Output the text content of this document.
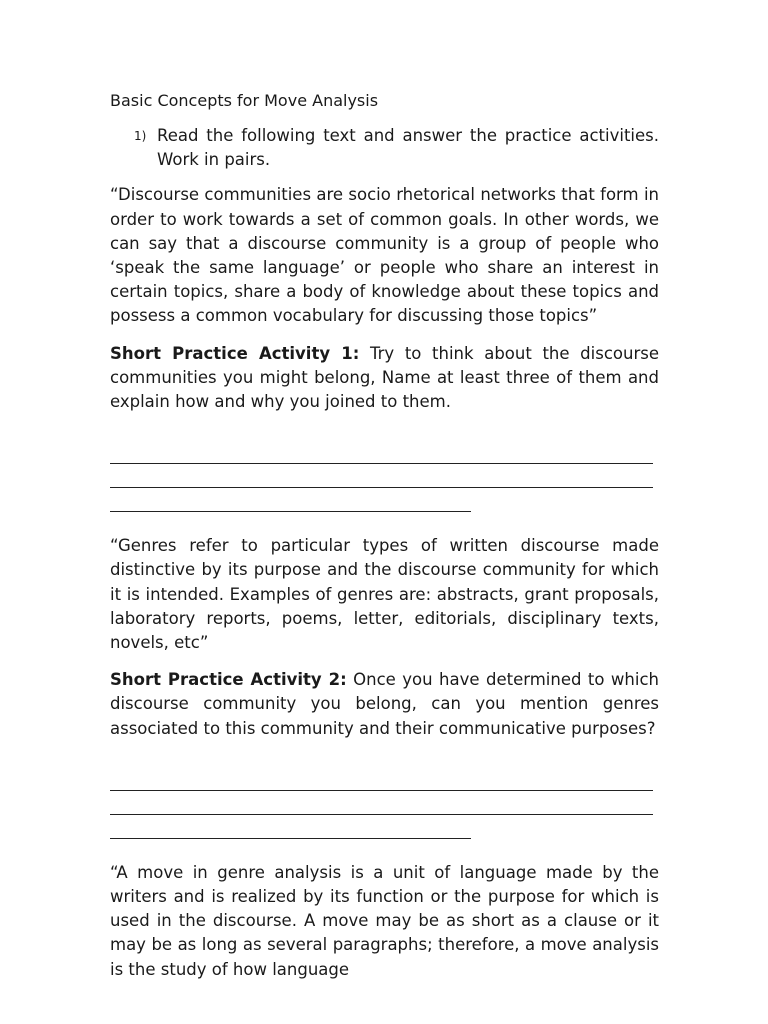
Basic Concepts for Move Analysis
1) Read the following text and answer the practice activities. Work in pairs.

“Discourse communities are socio rhetorical networks that form in order to work towards a set of common goals. In other words, we can say that a discourse community is a group of people who ‘speak the same language’ or people who share an interest in certain topics, share a body of knowledge about these topics and possess a common vocabulary for discussing those topics”

Short Practice Activity 1: Try to think about the discourse communities you might belong, Name at least three of them and explain how and why you joined to them.

“Genres refer to particular types of written discourse made distinctive by its purpose and the discourse community for which it is intended. Examples of genres are: abstracts, grant proposals, laboratory reports, poems, letter, editorials, disciplinary texts, novels, etc”

Short Practice Activity 2: Once you have determined to which discourse community you belong, can you mention genres associated to this community and their communicative purposes?

“A move in genre analysis is a unit of language made by the writers and is realized by its function or the purpose for which is used in the discourse. A move may be as short as a clause or it may be as long as several paragraphs; therefore, a move analysis is the study of how language
